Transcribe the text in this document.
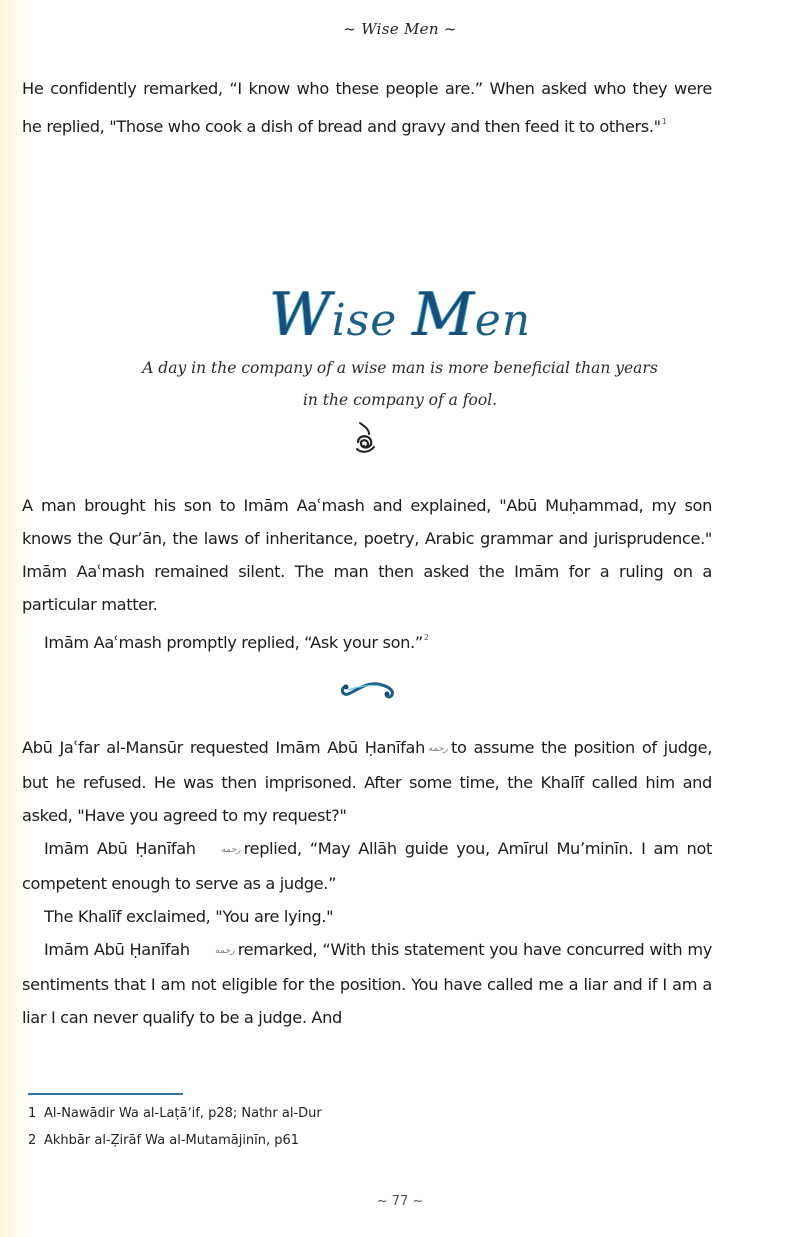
~ Wise Men ~

He confidently remarked, “I know who these people are.” When asked who they were he replied, "Those who cook a dish of bread and gravy and then feed it to others."$^1$

Wise Men
A day in the company of a wise man is more beneficial than years
in the company of a fool.

A man brought his son to Imām Aaʿmash and explained, "Abū Muḥammad, my son knows the Qurʼān, the laws of inheritance, poetry, Arabic grammar and jurisprudence." Imām Aaʿmash remained silent. The man then asked the Imām for a ruling on a particular matter.

Imām Aaʿmash promptly replied, “Ask your son.”$^2$

Abū Jaʿfar al-Mansūr requested Imām Abū Ḥanīfah رحمه to assume the position of judge, but he refused. He was then imprisoned. After some time, the Khalīf called him and asked, "Have you agreed to my request?"

Imām Abū Ḥanīfah	رحمه replied, “May Allāh guide you, Amīrul Muʼminīn. I am not competent enough to serve as a judge.”

The Khalīf exclaimed, "You are lying."

Imām Abū Ḥanīfah	رحمه remarked, “With this statement you have concurred with my sentiments that I am not eligible for the position. You have called me a liar and if I am a liar I can never qualify to be a judge. And

1 Al-Nawādir Wa al-Laṭāʼif, p28; Nathr al-Dur
2 Akhbār al-Ẓirāf Wa al-Mutamājinīn, p61
~ 77 ~
